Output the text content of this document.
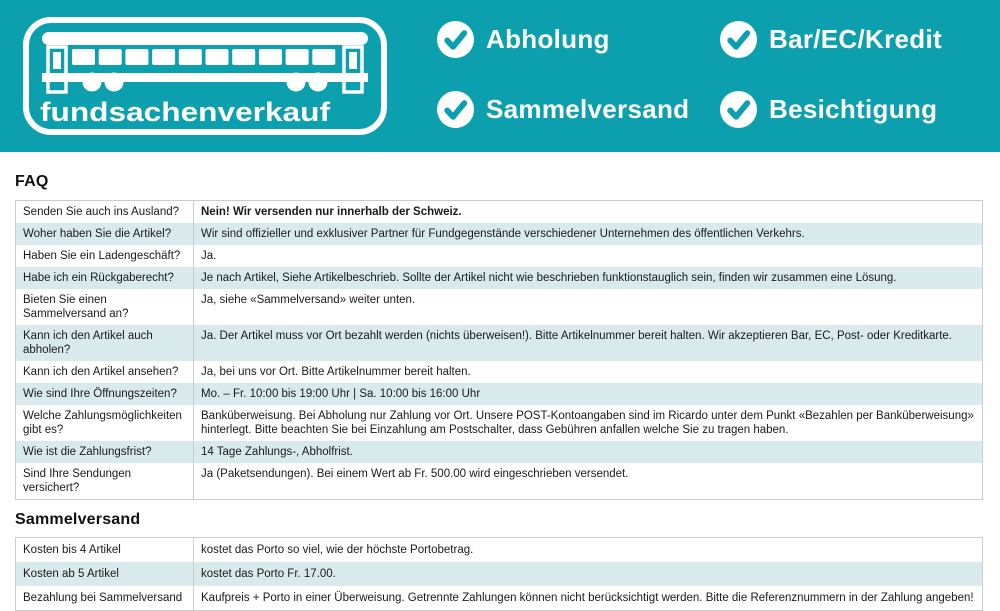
fundsachenverkauf
Abholung	Bar/EC/Kredit
Sammelversand	Besichtigung
FAQ
Senden Sie auch ins Ausland?	Nein! Wir versenden nur innerhalb der Schweiz.
Woher haben Sie die Artikel?	Wir sind offizieller und exklusiver Partner für Fundgegenstände verschiedener Unternehmen des öffentlichen Verkehrs.
Haben Sie ein Ladengeschäft?	Ja.
Habe ich ein Rückgaberecht?	Je nach Artikel, Siehe Artikelbeschrieb. Sollte der Artikel nicht wie beschrieben funktionstauglich sein, finden wir zusammen eine Lösung.
Bieten Sie einen Sammelversand an?	Ja, siehe «Sammelversand» weiter unten.
Kann ich den Artikel auch abholen?	Ja. Der Artikel muss vor Ort bezahlt werden (nichts überweisen!). Bitte Artikelnummer bereit halten. Wir akzeptieren Bar, EC, Post- oder Kreditkarte.
Kann ich den Artikel ansehen?	Ja, bei uns vor Ort. Bitte Artikelnummer bereit halten.
Wie sind Ihre Öffnungszeiten?	Mo. – Fr. 10:00 bis 19:00 Uhr | Sa. 10:00 bis 16:00 Uhr
Welche Zahlungsmöglichkeiten gibt es?	Banküberweisung. Bei Abholung nur Zahlung vor Ort. Unsere POST-Kontoangaben sind im Ricardo unter dem Punkt «Bezahlen per Banküberweisung» hinterlegt. Bitte beachten Sie bei Einzahlung am Postschalter, dass Gebühren anfallen welche Sie zu tragen haben.
Wie ist die Zahlungsfrist?	14 Tage Zahlungs-, Abholfrist.
Sind Ihre Sendungen versichert?	Ja (Paketsendungen). Bei einem Wert ab Fr. 500.00 wird eingeschrieben versendet.
Sammelversand
Kosten bis 4 Artikel	kostet das Porto so viel, wie der höchste Portobetrag.
Kosten ab 5 Artikel	kostet das Porto Fr. 17.00.
Bezahlung bei Sammelversand	Kaufpreis + Porto in einer Überweisung. Getrennte Zahlungen können nicht berücksichtigt werden. Bitte die Referenznummern in der Zahlung angeben!
